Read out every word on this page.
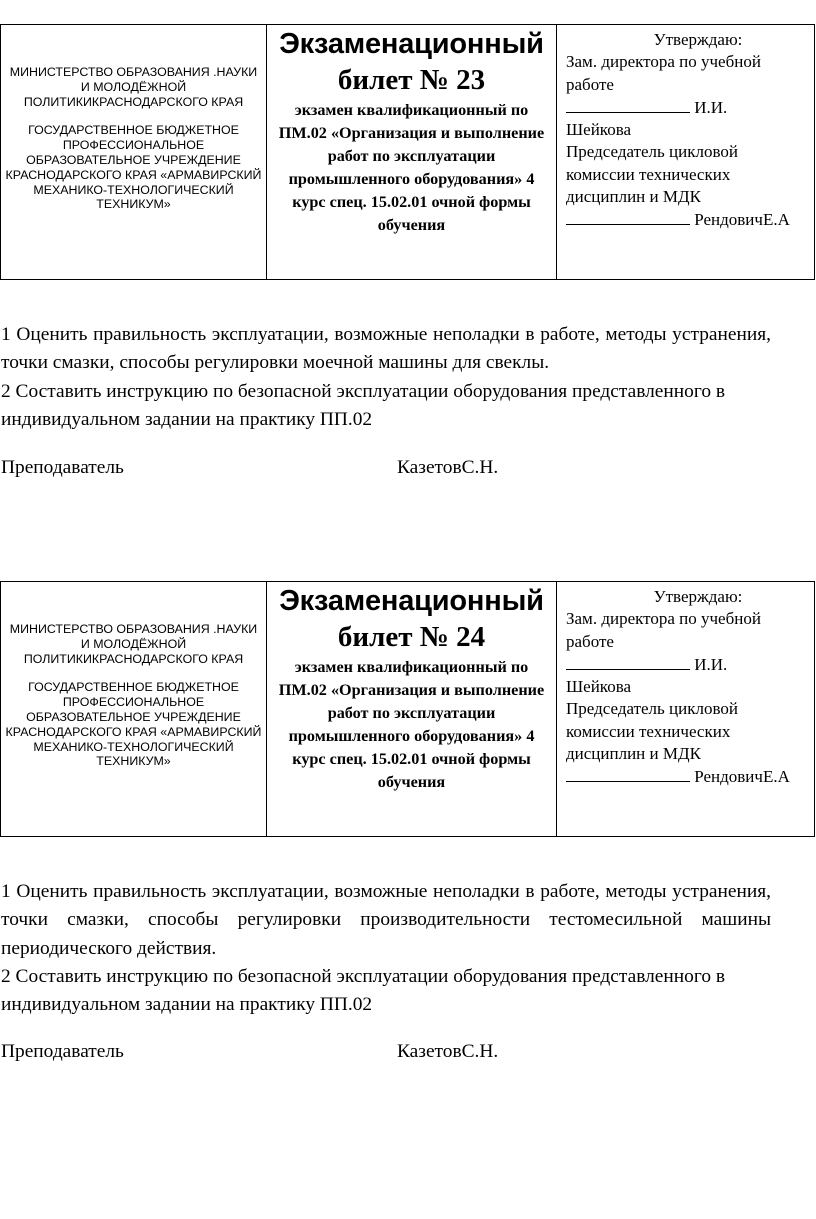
МИНИСТЕРСТВО ОБРАЗОВАНИЯ .НАУКИ И МОЛОДЁЖНОЙ ПОЛИТИКИКРАСНОДАРСКОГО КРАЯ

ГОСУДАРСТВЕННОЕ БЮДЖЕТНОЕ ПРОФЕССИОНАЛЬНОЕ ОБРАЗОВАТЕЛЬНОЕ УЧРЕЖДЕНИЕ КРАСНОДАРСКОГО КРАЯ «АРМАВИРСКИЙ МЕХАНИКО-ТЕХНОЛОГИЧЕСКИЙ ТЕХНИКУМ»

Экзаменационный

билет № 23

экзамен квалификационный по ПМ.02 «Организация и выполнение работ по эксплуатации промышленного оборудования» 4 курс спец. 15.02.01 очной формы обучения

Утверждаю:

Зам. директора по учебной работе

И.И.

Шейкова

Председатель цикловой комиссии технических дисциплин и МДК

РендовичЕ.А

1 Оценить правильность эксплуатации, возможные неполадки в работе, методы устранения, точки смазки, способы регулировки моечной машины для свеклы.

2 Составить инструкцию по безопасной эксплуатации оборудования представленного в индивидуальном задании на практику ПП.02

Преподаватель	КазетовС.Н.

МИНИСТЕРСТВО ОБРАЗОВАНИЯ .НАУКИ И МОЛОДЁЖНОЙ ПОЛИТИКИКРАСНОДАРСКОГО КРАЯ

ГОСУДАРСТВЕННОЕ БЮДЖЕТНОЕ ПРОФЕССИОНАЛЬНОЕ ОБРАЗОВАТЕЛЬНОЕ УЧРЕЖДЕНИЕ КРАСНОДАРСКОГО КРАЯ «АРМАВИРСКИЙ МЕХАНИКО-ТЕХНОЛОГИЧЕСКИЙ ТЕХНИКУМ»

Экзаменационный

билет № 24

экзамен квалификационный по ПМ.02 «Организация и выполнение работ по эксплуатации промышленного оборудования» 4 курс спец. 15.02.01 очной формы обучения

Утверждаю:

Зам. директора по учебной работе

И.И.

Шейкова

Председатель цикловой комиссии технических дисциплин и МДК

РендовичЕ.А

1 Оценить правильность эксплуатации, возможные неполадки в работе, методы устранения, точки смазки, способы регулировки производительности тестомесильной машины периодического действия.

2 Составить инструкцию по безопасной эксплуатации оборудования представленного в индивидуальном задании на практику ПП.02

Преподаватель	КазетовС.Н.
